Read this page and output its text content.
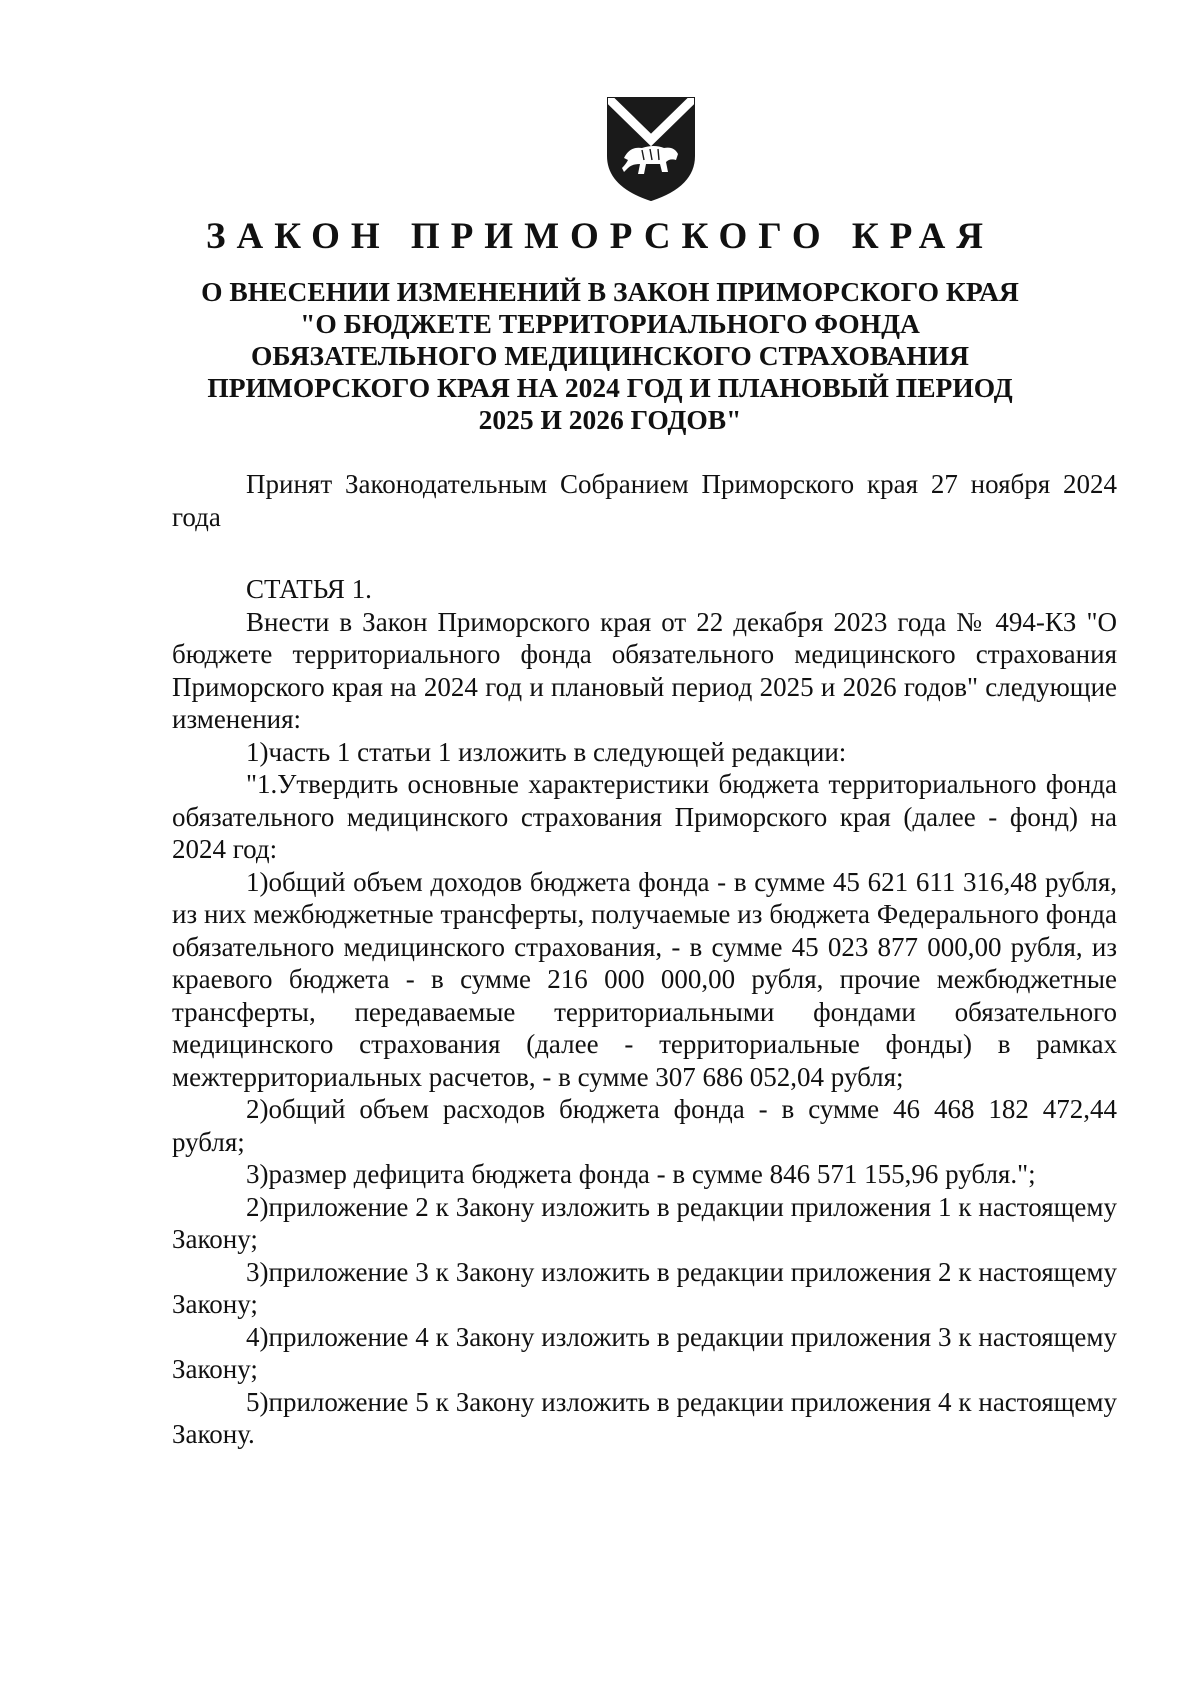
ЗАКОН ПРИМОРСКОГО КРАЯ
О ВНЕСЕНИИ ИЗМЕНЕНИЙ В ЗАКОН ПРИМОРСКОГО КРАЯ
"О БЮДЖЕТЕ ТЕРРИТОРИАЛЬНОГО ФОНДА
ОБЯЗАТЕЛЬНОГО МЕДИЦИНСКОГО СТРАХОВАНИЯ
ПРИМОРСКОГО КРАЯ НА 2024 ГОД И ПЛАНОВЫЙ ПЕРИОД
2025 И 2026 ГОДОВ"

Принят Законодательным Собранием Приморского края 27 ноября 2024 года

СТАТЬЯ 1.

Внести в Закон Приморского края от 22 декабря 2023 года № 494-КЗ "О бюджете территориального фонда обязательного медицинского страхования Приморского края на 2024 год и плановый период 2025 и 2026 годов" следующие изменения:

1)часть 1 статьи 1 изложить в следующей редакции:

"1.Утвердить основные характеристики бюджета территориального фонда обязательного медицинского страхования Приморского края (далее - фонд) на 2024 год:

1)общий объем доходов бюджета фонда - в сумме 45 621 611 316,48 рубля, из них межбюджетные трансферты, получаемые из бюджета Федерального фонда обязательного медицинского страхования, - в сумме 45 023 877 000,00 рубля, из краевого бюджета - в сумме 216 000 000,00 рубля, прочие межбюджетные трансферты, передаваемые территориальными фондами обязательного медицинского страхования (далее - территориальные фонды) в рамках межтерриториальных расчетов, - в сумме 307 686 052,04 рубля;

2)общий объем расходов бюджета фонда - в сумме 46 468 182 472,44 рубля;

3)размер дефицита бюджета фонда - в сумме 846 571 155,96 рубля.";

2)приложение 2 к Закону изложить в редакции приложения 1 к настоящему Закону;

3)приложение 3 к Закону изложить в редакции приложения 2 к настоящему Закону;

4)приложение 4 к Закону изложить в редакции приложения 3 к настоящему Закону;

5)приложение 5 к Закону изложить в редакции приложения 4 к настоящему Закону.
